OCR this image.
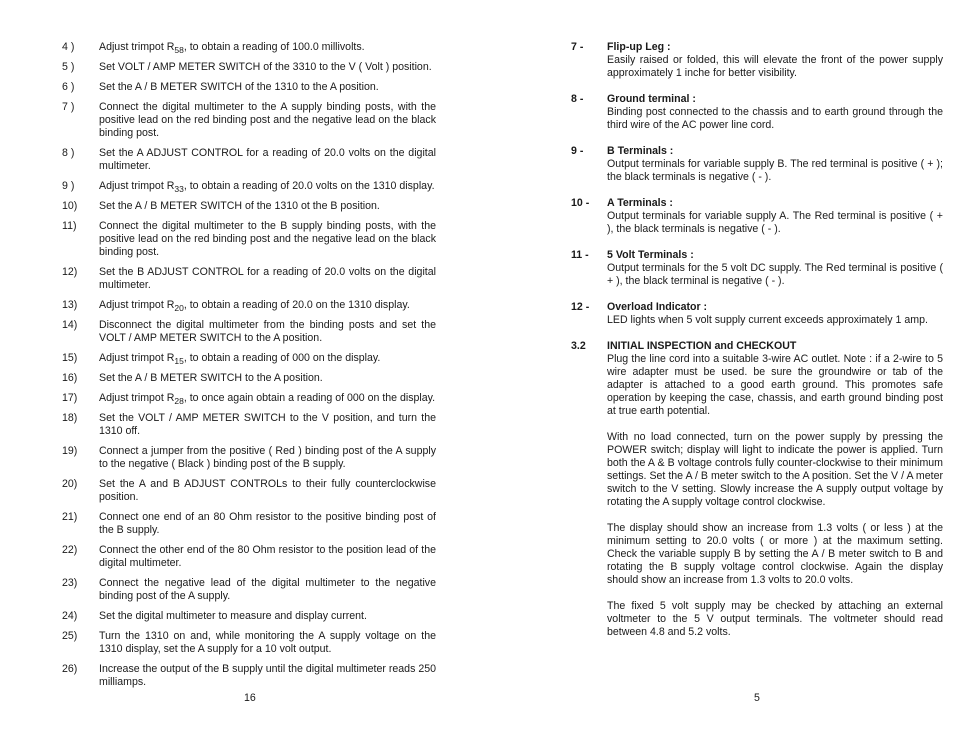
4 )	Adjust trimpot $R_{58}$, to obtain a reading of 100.0 millivolts.
5 )	Set VOLT / AMP METER SWITCH of the 3310 to the V ( Volt ) position.
6 )	Set the A / B METER SWITCH of the 1310 to the A position.
7 )	Connect the digital multimeter to the A supply binding posts, with the positive lead on the red binding post and the negative lead on the black binding post.
8 )	Set the A ADJUST CONTROL for a reading of 20.0 volts on the digital multimeter.
9 )	Adjust trimpot $R_{33}$, to obtain a reading of 20.0 volts on the 1310 display.
10)	Set the A / B METER SWITCH of the 1310 ot the B position.
11)	Connect the digital multimeter to the B supply binding posts, with the positive lead on the red binding post and the negative lead on the black binding post.
12)	Set the B ADJUST CONTROL for a reading of 20.0 volts on the digital multimeter.
13)	Adjust trimpot $R_{20}$, to obtain a reading of 20.0 on the 1310 display.
14)	Disconnect the digital multimeter from the binding posts and set the VOLT / AMP METER SWITCH to the A position.
15)	Adjust trimpot $R_{15}$, to obtain a reading of 000 on the display.
16)	Set the A / B METER SWITCH to the A position.
17)	Adjust trimpot $R_{28}$, to once again obtain a reading of 000 on the display.
18)	Set the VOLT / AMP METER SWITCH to the V position, and turn the 1310 off.
19)	Connect a jumper from the positive ( Red ) binding post of the A supply to the negative ( Black ) binding post of the B supply.
20)	Set the A and B ADJUST CONTROLs to their fully counterclockwise position.
21)	Connect one end of an 80 Ohm resistor to the positive binding post of the B supply.
22)	Connect the other end of the 80 Ohm resistor to the position lead of the digital multimeter.
23)	Connect the negative lead of the digital multimeter to the negative binding post of the A supply.
24)	Set the digital multimeter to measure and display current.
25)	Turn the 1310 on and, while monitoring the A supply voltage on the 1310 display, set the A supply for a 10 volt output.
26)	Increase the output of the B supply until the digital multimeter reads 250 milliamps.
16
7 -	Flip-up Leg :
Easily raised or folded, this will elevate the front of the power supply approximately 1 inche for better visibility.
8 -	Ground terminal :
Binding post connected to the chassis and to earth ground through the third wire of the AC power line cord.
9 -	B Terminals :
Output terminals for variable supply B. The red terminal is positive ( + ); the black terminals is negative ( - ).
10 -	A Terminals :
Output terminals for variable supply A. The Red terminal is positive ( + ), the black terminals is negative ( - ).
11 -	5 Volt Terminals :
Output terminals for the 5 volt DC supply. The Red terminal is positive ( + ), the black terminal is negative ( - ).
12 -	Overload Indicator :
LED lights when 5 volt supply current exceeds approximately 1 amp.
3.2	INITIAL INSPECTION and CHECKOUT
Plug the line cord into a suitable 3-wire AC outlet. Note : if a 2-wire to 5 wire adapter must be used. be sure the groundwire or tab of the adapter is attached to a good earth ground. This promotes safe operation by keeping the case, chassis, and earth ground binding post at true earth potential.
With no load connected, turn on the power supply by pressing the POWER switch; display will light to indicate the power is applied. Turn both the A & B voltage controls fully counter-clockwise to their minimum settings. Set the A / B meter switch to the A position. Set the V / A meter switch to the V setting. Slowly increase the A supply output voltage by rotating the A supply voltage control clockwise.
The display should show an increase from 1.3 volts ( or less ) at the minimum setting to 20.0 volts ( or more ) at the maximum setting. Check the variable supply B by setting the A / B meter switch to B and rotating the B supply voltage control clockwise. Again the display should show an increase from 1.3 volts to 20.0 volts.
The fixed 5 volt supply may be checked by attaching an external voltmeter to the 5 V output terminals. The voltmeter should read between 4.8 and 5.2 volts.
5
